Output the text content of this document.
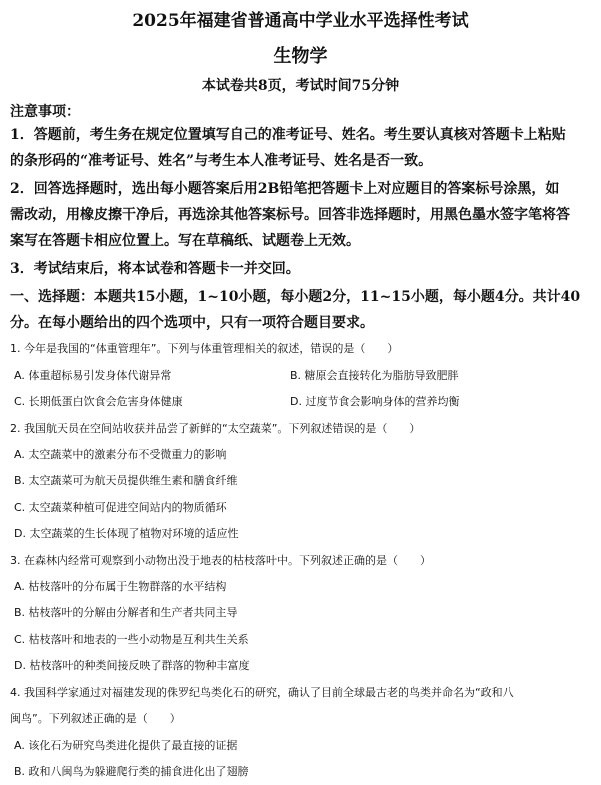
2025年福建省普通高中学业水平选择性考试
生物学
本试卷共8页，考试时间75分钟
注意事项：
1．答题前，考生务在规定位置填写自己的准考证号、姓名。考生要认真核对答题卡上粘贴
的条形码的“准考证号、姓名”与考生本人准考证号、姓名是否一致。
2．回答选择题时，选出每小题答案后用2B铅笔把答题卡上对应题目的答案标号涂黑，如
需改动，用橡皮擦干净后，再选涂其他答案标号。回答非选择题时，用黑色墨水签字笔将答
案写在答题卡相应位置上。写在草稿纸、试题卷上无效。
3．考试结束后，将本试卷和答题卡一并交回。
一、选择题：本题共15小题，1~10小题，每小题2分，11~15小题，每小题4分。共计40
分。在每小题给出的四个选项中，只有一项符合题目要求。
1. 今年是我国的“体重管理年”。下列与体重管理相关的叙述，错误的是（　　）
A. 体重超标易引发身体代谢异常	B. 糖原会直接转化为脂肪导致肥胖
C. 长期低蛋白饮食会危害身体健康	D. 过度节食会影响身体的营养均衡
2. 我国航天员在空间站收获并品尝了新鲜的“太空蔬菜”。下列叙述错误的是（　　）
A. 太空蔬菜中的激素分布不受微重力的影响
B. 太空蔬菜可为航天员提供维生素和膳食纤维
C. 太空蔬菜种植可促进空间站内的物质循环
D. 太空蔬菜的生长体现了植物对环境的适应性
3. 在森林内经常可观察到小动物出没于地表的枯枝落叶中。下列叙述正确的是（　　）
A. 枯枝落叶的分布属于生物群落的水平结构
B. 枯枝落叶的分解由分解者和生产者共同主导
C. 枯枝落叶和地表的一些小动物是互利共生关系
D. 枯枝落叶的种类间接反映了群落的物种丰富度
4. 我国科学家通过对福建发现的侏罗纪鸟类化石的研究，确认了目前全球最古老的鸟类并命名为“政和八
闽鸟”。下列叙述正确的是（　　）
A. 该化石为研究鸟类进化提供了最直接的证据
B. 政和八闽鸟为躲避爬行类的捕食进化出了翅膀
